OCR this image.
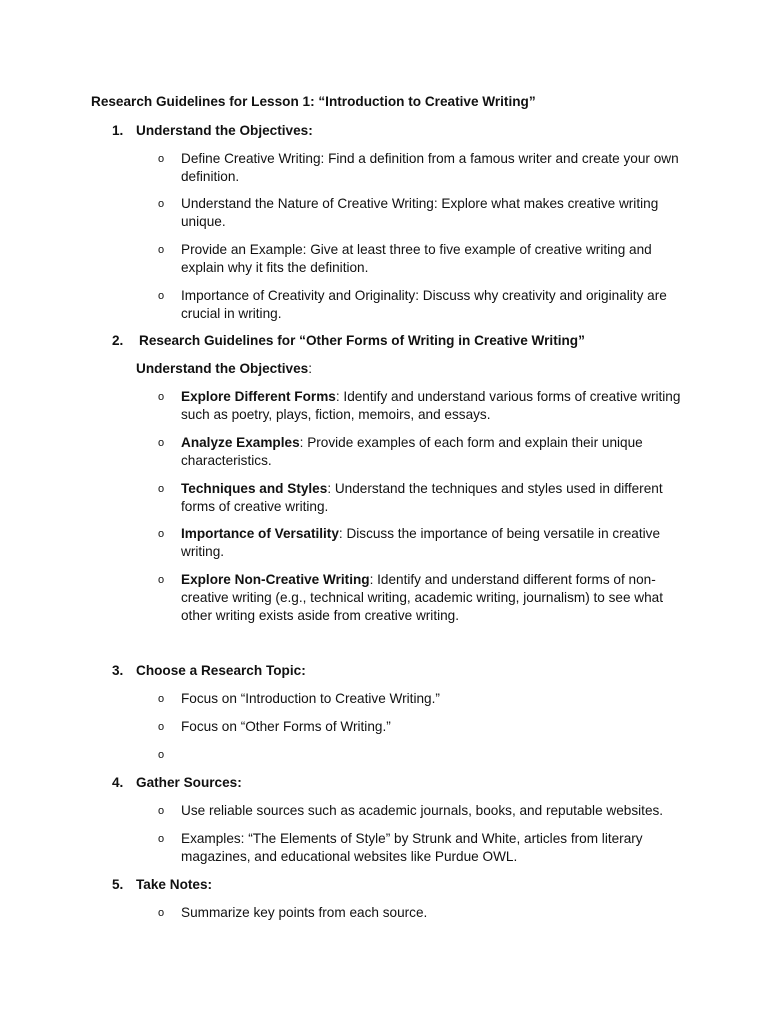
Research Guidelines for Lesson 1: “Introduction to Creative Writing”
1. Understand the Objectives:
o Define Creative Writing: Find a definition from a famous writer and create your own definition.
o Understand the Nature of Creative Writing: Explore what makes creative writing unique.
o Provide an Example: Give at least three to five example of creative writing and explain why it fits the definition.
o Importance of Creativity and Originality: Discuss why creativity and originality are crucial in writing.
2. Research Guidelines for “Other Forms of Writing in Creative Writing”
Understand the Objectives:
o Explore Different Forms: Identify and understand various forms of creative writing such as poetry, plays, fiction, memoirs, and essays.
o Analyze Examples: Provide examples of each form and explain their unique characteristics.
o Techniques and Styles: Understand the techniques and styles used in different forms of creative writing.
o Importance of Versatility: Discuss the importance of being versatile in creative writing.
o Explore Non-Creative Writing: Identify and understand different forms of non-creative writing (e.g., technical writing, academic writing, journalism) to see what other writing exists aside from creative writing.
3. Choose a Research Topic:
o Focus on “Introduction to Creative Writing.”
o Focus on “Other Forms of Writing.”
o
4. Gather Sources:
o Use reliable sources such as academic journals, books, and reputable websites.
o Examples: “The Elements of Style” by Strunk and White, articles from literary magazines, and educational websites like Purdue OWL.
5. Take Notes:
o Summarize key points from each source.
